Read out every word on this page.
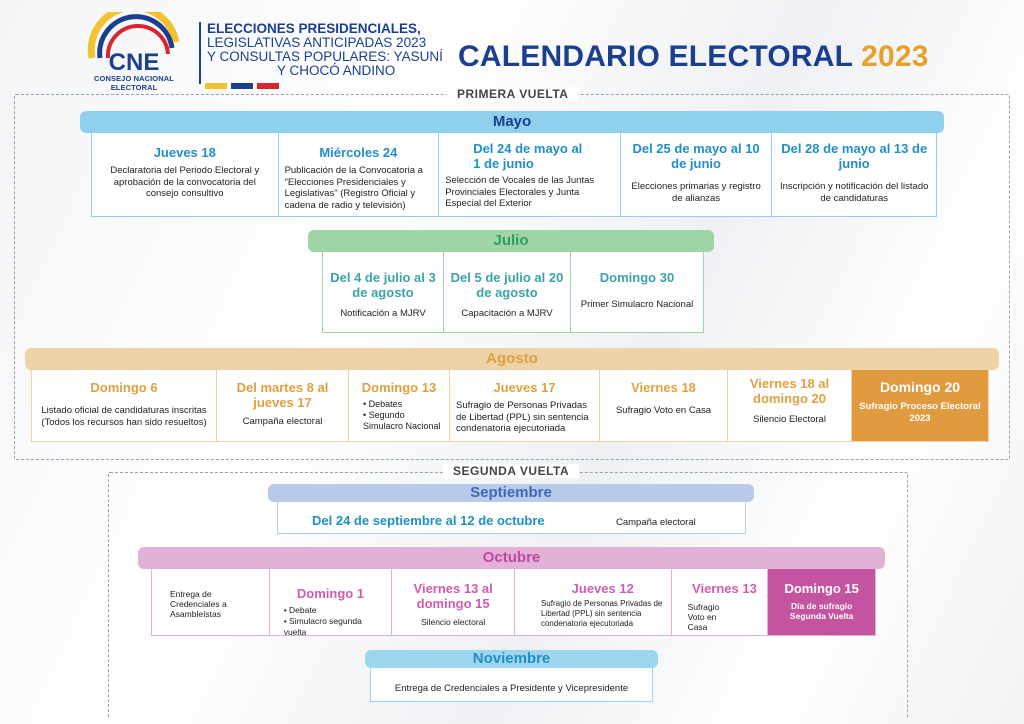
CNE
CONSEJO NACIONAL ELECTORAL
ELECCIONES PRESIDENCIALES,
LEGISLATIVAS ANTICIPADAS 2023
Y CONSULTAS POPULARES: YASUNÍ
Y CHOCÓ ANDINO	CALENDARIO ELECTORAL 2023
PRIMERA VUELTA
Mayo
Jueves 18
Declaratoria del Periodo Electoral y aprobación de la convocatoria del consejo consultivo
Miércoles 24
Publicación de la Convocatoria a "Elecciones Presidenciales y Legislativas" (Registro Oficial y cadena de radio y televisión)
Del 24 de mayo al 1 de junio
Selección de Vocales de las Juntas Provinciales Electorales y Junta Especial del Exterior
Del 25 de mayo al 10 de junio
Elecciones primarias y registro de alianzas
Del 28 de mayo al 13 de junio
Inscripción y notificación del listado de candidaturas
Julio
Del 4 de julio al 3 de agosto
Notificación a MJRV
Del 5 de julio al 20 de agosto
Capacitación a MJRV
Domingo 30
Primer Simulacro Nacional
Agosto
Domingo 6
Listado oficial de candidaturas inscritas (Todos los recursos han sido resueltos)
Del martes 8 al jueves 17
Campaña electoral
Domingo 13
• Debates
• Segundo Simulacro Nacional
Jueves 17
Sufragio de Personas Privadas de Libertad (PPL) sin sentencia condenatoria ejecutoriada
Viernes 18
Sufragio Voto en Casa
Viernes 18 al domingo 20
Silencio Electoral
Domingo 20
Sufragio Proceso Electoral 2023
SEGUNDA VUELTA
Septiembre
Del 24 de septiembre al 12 de octubre	Campaña electoral
Octubre
Entrega de Credenciales a Asambleístas
Domingo 1
• Debate
• Simulacro segunda vuelta
Viernes 13 al domingo 15
Silencio electoral
Jueves 12
Sufragio de Personas Privadas de Libertad (PPL) sin sentencia condenatoria ejecutoriada
Viernes 13
Sufragio Voto en Casa
Domingo 15
Día de sufragio Segunda Vuelta
Noviembre
Entrega de Credenciales a Presidente y Vicepresidente
